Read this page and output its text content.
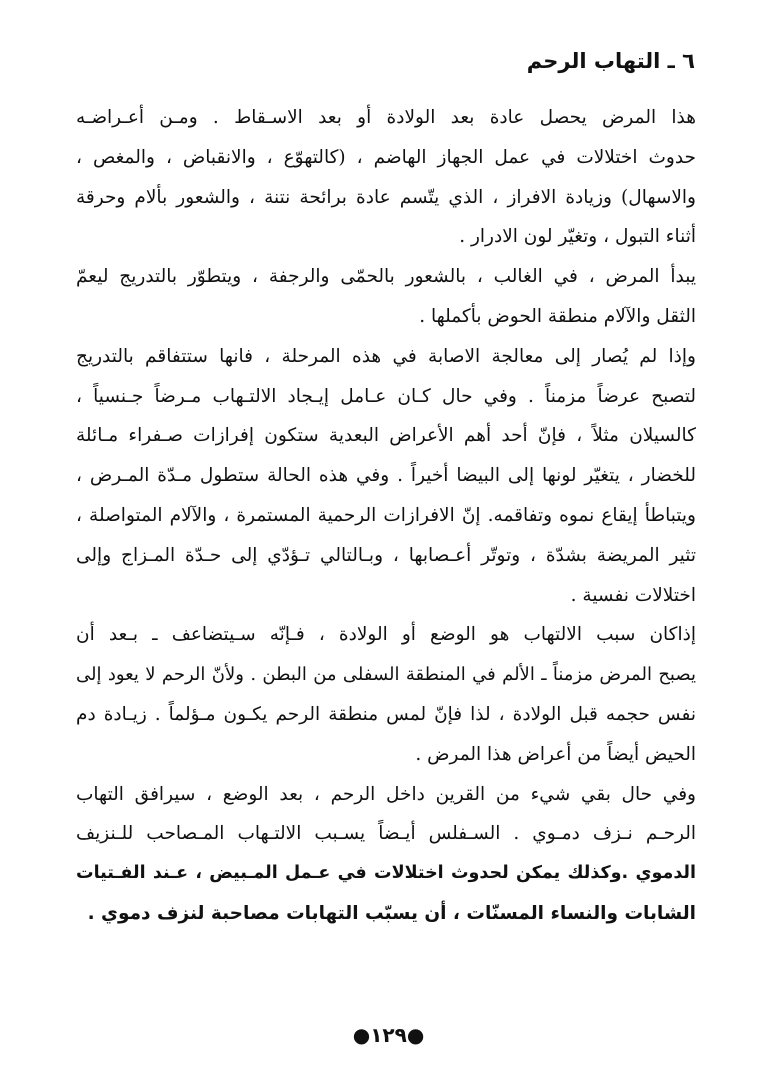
٦ ـ التهاب الرحم
هذا المرض يحصل عادة بعد الولادة أو بعد الاسـقاط . ومـن أعـراضـه
حدوث اختلالات في عمل الجهاز الهاضم ، (كالتهوّع ، والانقباض ، والمغص ،
والاسهال) وزيادة الافراز ، الذي يتّسم عادة برائحة نتنة ، والشعور بألام وحرقة
أثناء التبول ، وتغيّر لون الادرار .
يبدأ المرض ، في الغالب ، بالشعور بالحمّى والرجفة ، ويتطوّر بالتدريج ليعمّ
الثقل والآلام منطقة الحوض بأكملها .
وإذا لم يُصار إلى معالجة الاصابة في هذه المرحلة ، فانها ستتفاقم بالتدريج
لتصبح عرضاً مزمناً . وفي حال كـان عـامل إيـجاد الالتـهاب مـرضاً جـنسياً ،
كالسيلان مثلاً ، فإنّ أحد أهم الأعراض البعدية ستكون إفرازات صـفراء مـائلة
للخضار ، يتغيّر لونها إلى البيضا أخيراً . وفي هذه الحالة ستطول مـدّة المـرض ،
ويتباطأ إيقاع نموه وتفاقمه. إنّ الافرازات الرحمية المستمرة ، والآلام المتواصلة ،
تثير المريضة بشدّة ، وتوتّر أعـصابها ، وبـالتالي تـؤدّي إلى حـدّة المـزاج وإلى
اختلالات نفسية .
إذاكان سبب الالتهاب هو الوضع أو الولادة ، فـإنّه سـيتضاعف ـ بـعد أن
يصبح المرض مزمناً ـ الألم في المنطقة السفلى من البطن . ولأنّ الرحم لا يعود إلى
نفس حجمه قبل الولادة ، لذا فإنّ لمس منطقة الرحم يكـون مـؤلماً . زيـادة دم
الحيض أيضاً من أعراض هذا المرض .
وفي حال بقي شيء من القرين داخل الرحم ، بعد الوضع ، سيرافق التهاب
الرحـم نـزف دمـوي . السـفلس أيـضاً يسـبب الالتـهاب المـصاحب للـنزيف
الدموي .وكذلك يمكن لحدوث اختلالات في عـمل المـبيض ، عـند الفـتيات
الشابات والنساء المسنّات ، أن يسبّب التهابات مصاحبة لنزف دموي .
●١٢٩●
